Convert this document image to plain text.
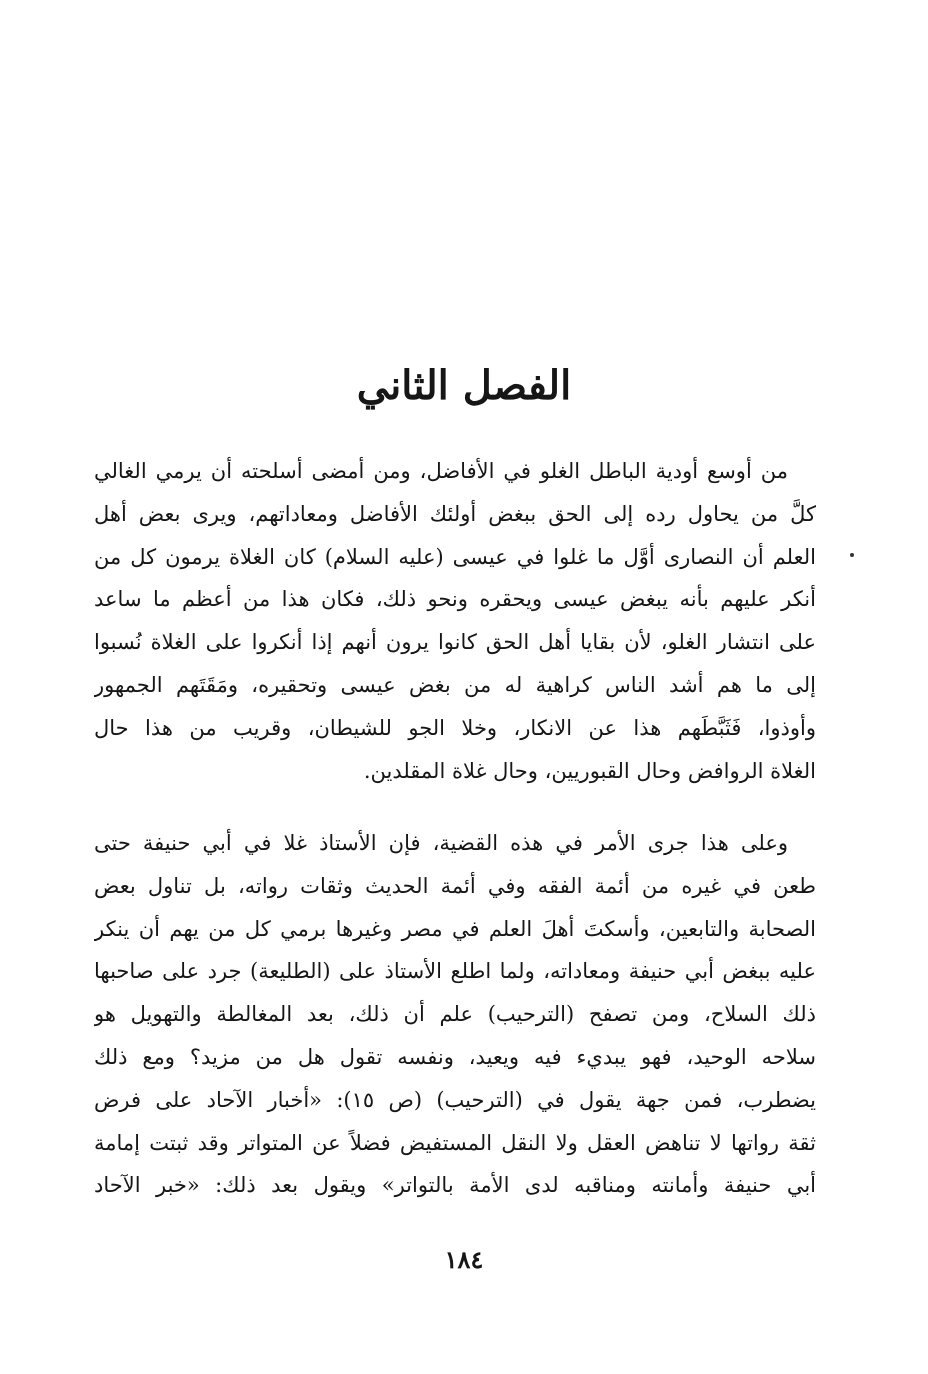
الفصل الثاني
من أوسع أودية الباطل الغلو في الأفاضل، ومن أمضى أسلحته أن يرمي الغالي
كلَّ من يحاول رده إلى الحق ببغض أولئك الأفاضل ومعاداتهم، ويرى بعض أهل
العلم أن النصارى أوَّل ما غلوا في عيسى (عليه السلام) كان الغلاة يرمون كل من
أنكر عليهم بأنه يبغض عيسى ويحقره ونحو ذلك، فكان هذا من أعظم ما ساعد
على انتشار الغلو، لأن بقايا أهل الحق كانوا يرون أنهم إذا أنكروا على الغلاة نُسبوا
إلى ما هم أشد الناس كراهية له من بغض عيسى وتحقيره، ومَقَتَهم الجمهور
وأوذوا، فَثَبَّطَهم هذا عن الانكار، وخلا الجو للشيطان، وقريب من هذا حال
الغلاة الروافض وحال القبوريين، وحال غلاة المقلدين.
وعلى هذا جرى الأمر في هذه القضية، فإن الأستاذ غلا في أبي حنيفة حتى
طعن في غيره من أئمة الفقه وفي أئمة الحديث وثقات رواته، بل تناول بعض
الصحابة والتابعين، وأسكتَ أهلَ العلم في مصر وغيرها برمي كل من يهم أن ينكر
عليه ببغض أبي حنيفة ومعاداته، ولما اطلع الأستاذ على (الطليعة) جرد على صاحبها
ذلك السلاح، ومن تصفح (الترحيب) علم أن ذلك، بعد المغالطة والتهويل هو
سلاحه الوحيد، فهو يبديء فيه ويعيد، ونفسه تقول هل من مزيد؟ ومع ذلك
يضطرب، فمن جهة يقول في (الترحيب) (ص ١٥): «أخبار الآحاد على فرض
ثقة رواتها لا تناهض العقل ولا النقل المستفيض فضلاً عن المتواتر وقد ثبتت إمامة
أبي حنيفة وأمانته ومناقبه لدى الأمة بالتواتر» ويقول بعد ذلك: «خبر الآحاد
١٨٤
